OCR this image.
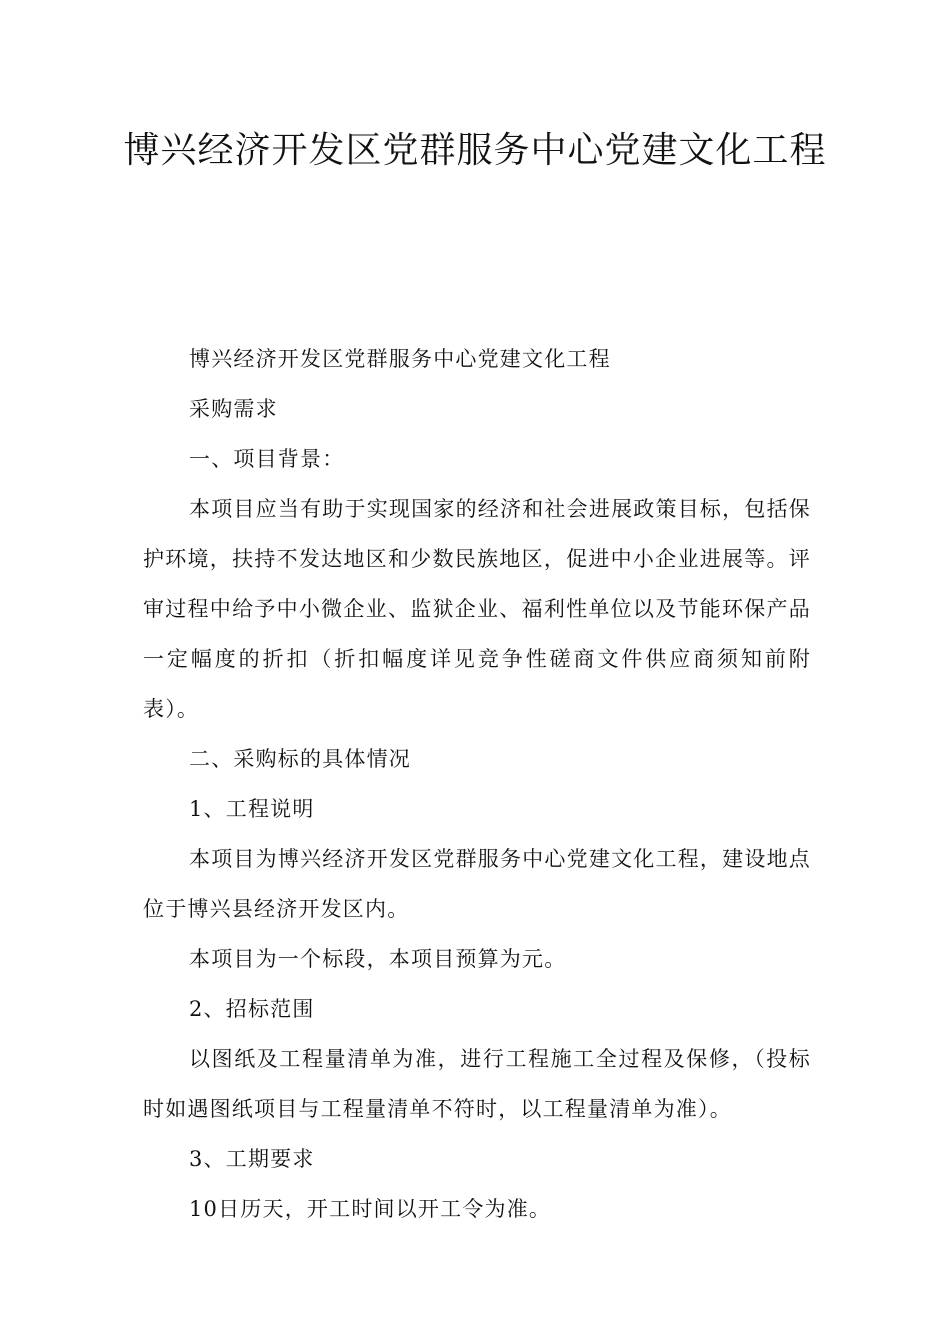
博兴经济开发区党群服务中心党建文化工程

博兴经济开发区党群服务中心党建文化工程

采购需求

一、项目背景：

本项目应当有助于实现国家的经济和社会进展政策目标，包括保护环境，扶持不发达地区和少数民族地区，促进中小企业进展等。评审过程中给予中小微企业、监狱企业、福利性单位以及节能环保产品一定幅度的折扣（折扣幅度详见竞争性磋商文件供应商须知前附表）。

二、采购标的具体情况

1、工程说明

本项目为博兴经济开发区党群服务中心党建文化工程，建设地点位于博兴县经济开发区内。

本项目为一个标段，本项目预算为元。

2、招标范围

以图纸及工程量清单为准，进行工程施工全过程及保修，（投标时如遇图纸项目与工程量清单不符时，以工程量清单为准）。

3、工期要求

10日历天，开工时间以开工令为准。
